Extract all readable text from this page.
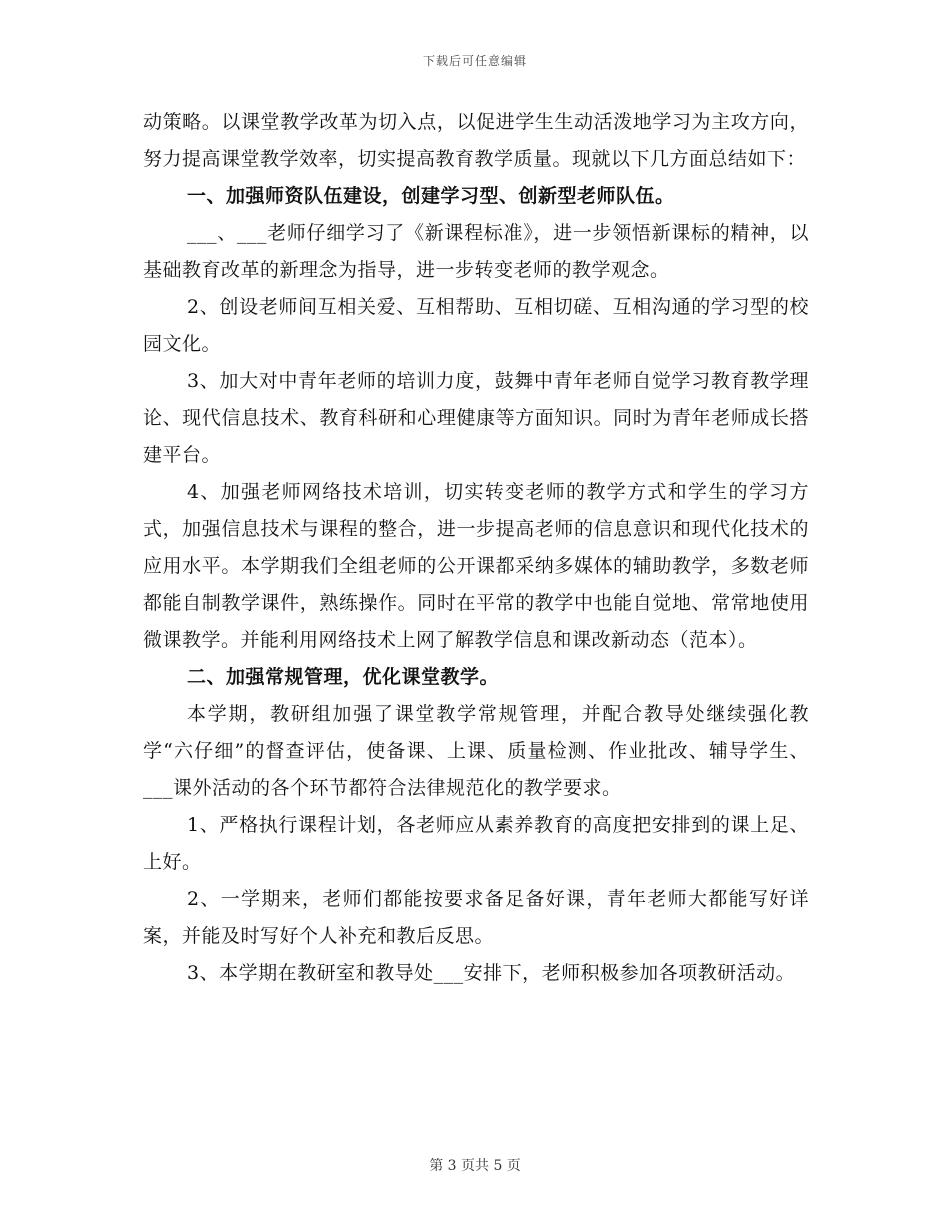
下载后可任意编辑

动策略。以课堂教学改革为切入点，以促进学生生动活泼地学习为主攻方向，努力提高课堂教学效率，切实提高教育教学质量。现就以下几方面总结如下：

一、加强师资队伍建设，创建学习型、创新型老师队伍。

___、___老师仔细学习了《新课程标准》，进一步领悟新课标的精神，以基础教育改革的新理念为指导，进一步转变老师的教学观念。

2、创设老师间互相关爱、互相帮助、互相切磋、互相沟通的学习型的校园文化。

3、加大对中青年老师的培训力度，鼓舞中青年老师自觉学习教育教学理论、现代信息技术、教育科研和心理健康等方面知识。同时为青年老师成长搭建平台。

4、加强老师网络技术培训，切实转变老师的教学方式和学生的学习方式，加强信息技术与课程的整合，进一步提高老师的信息意识和现代化技术的应用水平。本学期我们全组老师的公开课都采纳多媒体的辅助教学，多数老师都能自制教学课件，熟练操作。同时在平常的教学中也能自觉地、常常地使用微课教学。并能利用网络技术上网了解教学信息和课改新动态（范本）。

二、加强常规管理，优化课堂教学。

本学期，教研组加强了课堂教学常规管理，并配合教导处继续强化教学“六仔细”的督查评估，使备课、上课、质量检测、作业批改、辅导学生、___课外活动的各个环节都符合法律规范化的教学要求。

1、严格执行课程计划，各老师应从素养教育的高度把安排到的课上足、上好。

2、一学期来，老师们都能按要求备足备好课，青年老师大都能写好详案，并能及时写好个人补充和教后反思。

3、本学期在教研室和教导处___安排下，老师积极参加各项教研活动。

第 3 页共 5 页
